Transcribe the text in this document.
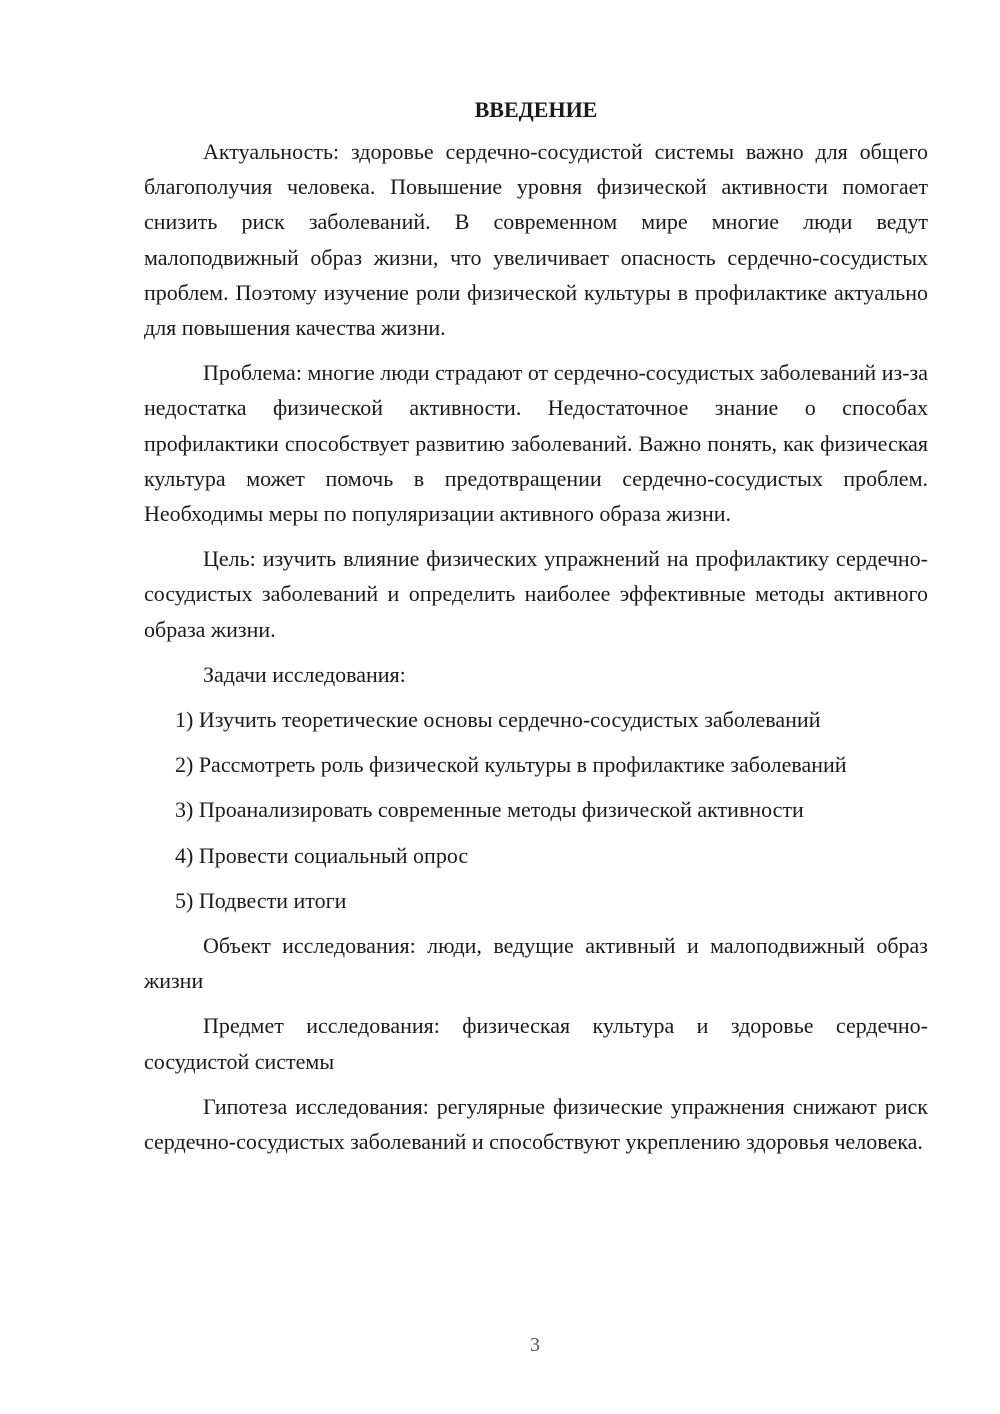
ВВЕДЕНИЕ

Актуальность: здоровье сердечно-сосудистой системы важно для общего благополучия человека. Повышение уровня физической активности помогает снизить риск заболеваний. В современном мире многие люди ведут малоподвижный образ жизни, что увеличивает опасность сердечно-сосудистых проблем. Поэтому изучение роли физической культуры в профилактике актуально для повышения качества жизни.

Проблема: многие люди страдают от сердечно-сосудистых заболеваний из-за недостатка физической активности. Недостаточное знание о способах профилактики способствует развитию заболеваний. Важно понять, как физическая культура может помочь в предотвращении сердечно-сосудистых проблем. Необходимы меры по популяризации активного образа жизни.

Цель: изучить влияние физических упражнений на профилактику сердечно-сосудистых заболеваний и определить наиболее эффективные методы активного образа жизни.

Задачи исследования:

1) Изучить теоретические основы сердечно-сосудистых заболеваний

2) Рассмотреть роль физической культуры в профилактике заболеваний

3) Проанализировать современные методы физической активности

4) Провести социальный опрос

5) Подвести итоги

Объект исследования: люди, ведущие активный и малоподвижный образ жизни

Предмет исследования: физическая культура и здоровье сердечно-сосудистой системы

Гипотеза исследования: регулярные физические упражнения снижают риск сердечно-сосудистых заболеваний и способствуют укреплению здоровья человека.

3
